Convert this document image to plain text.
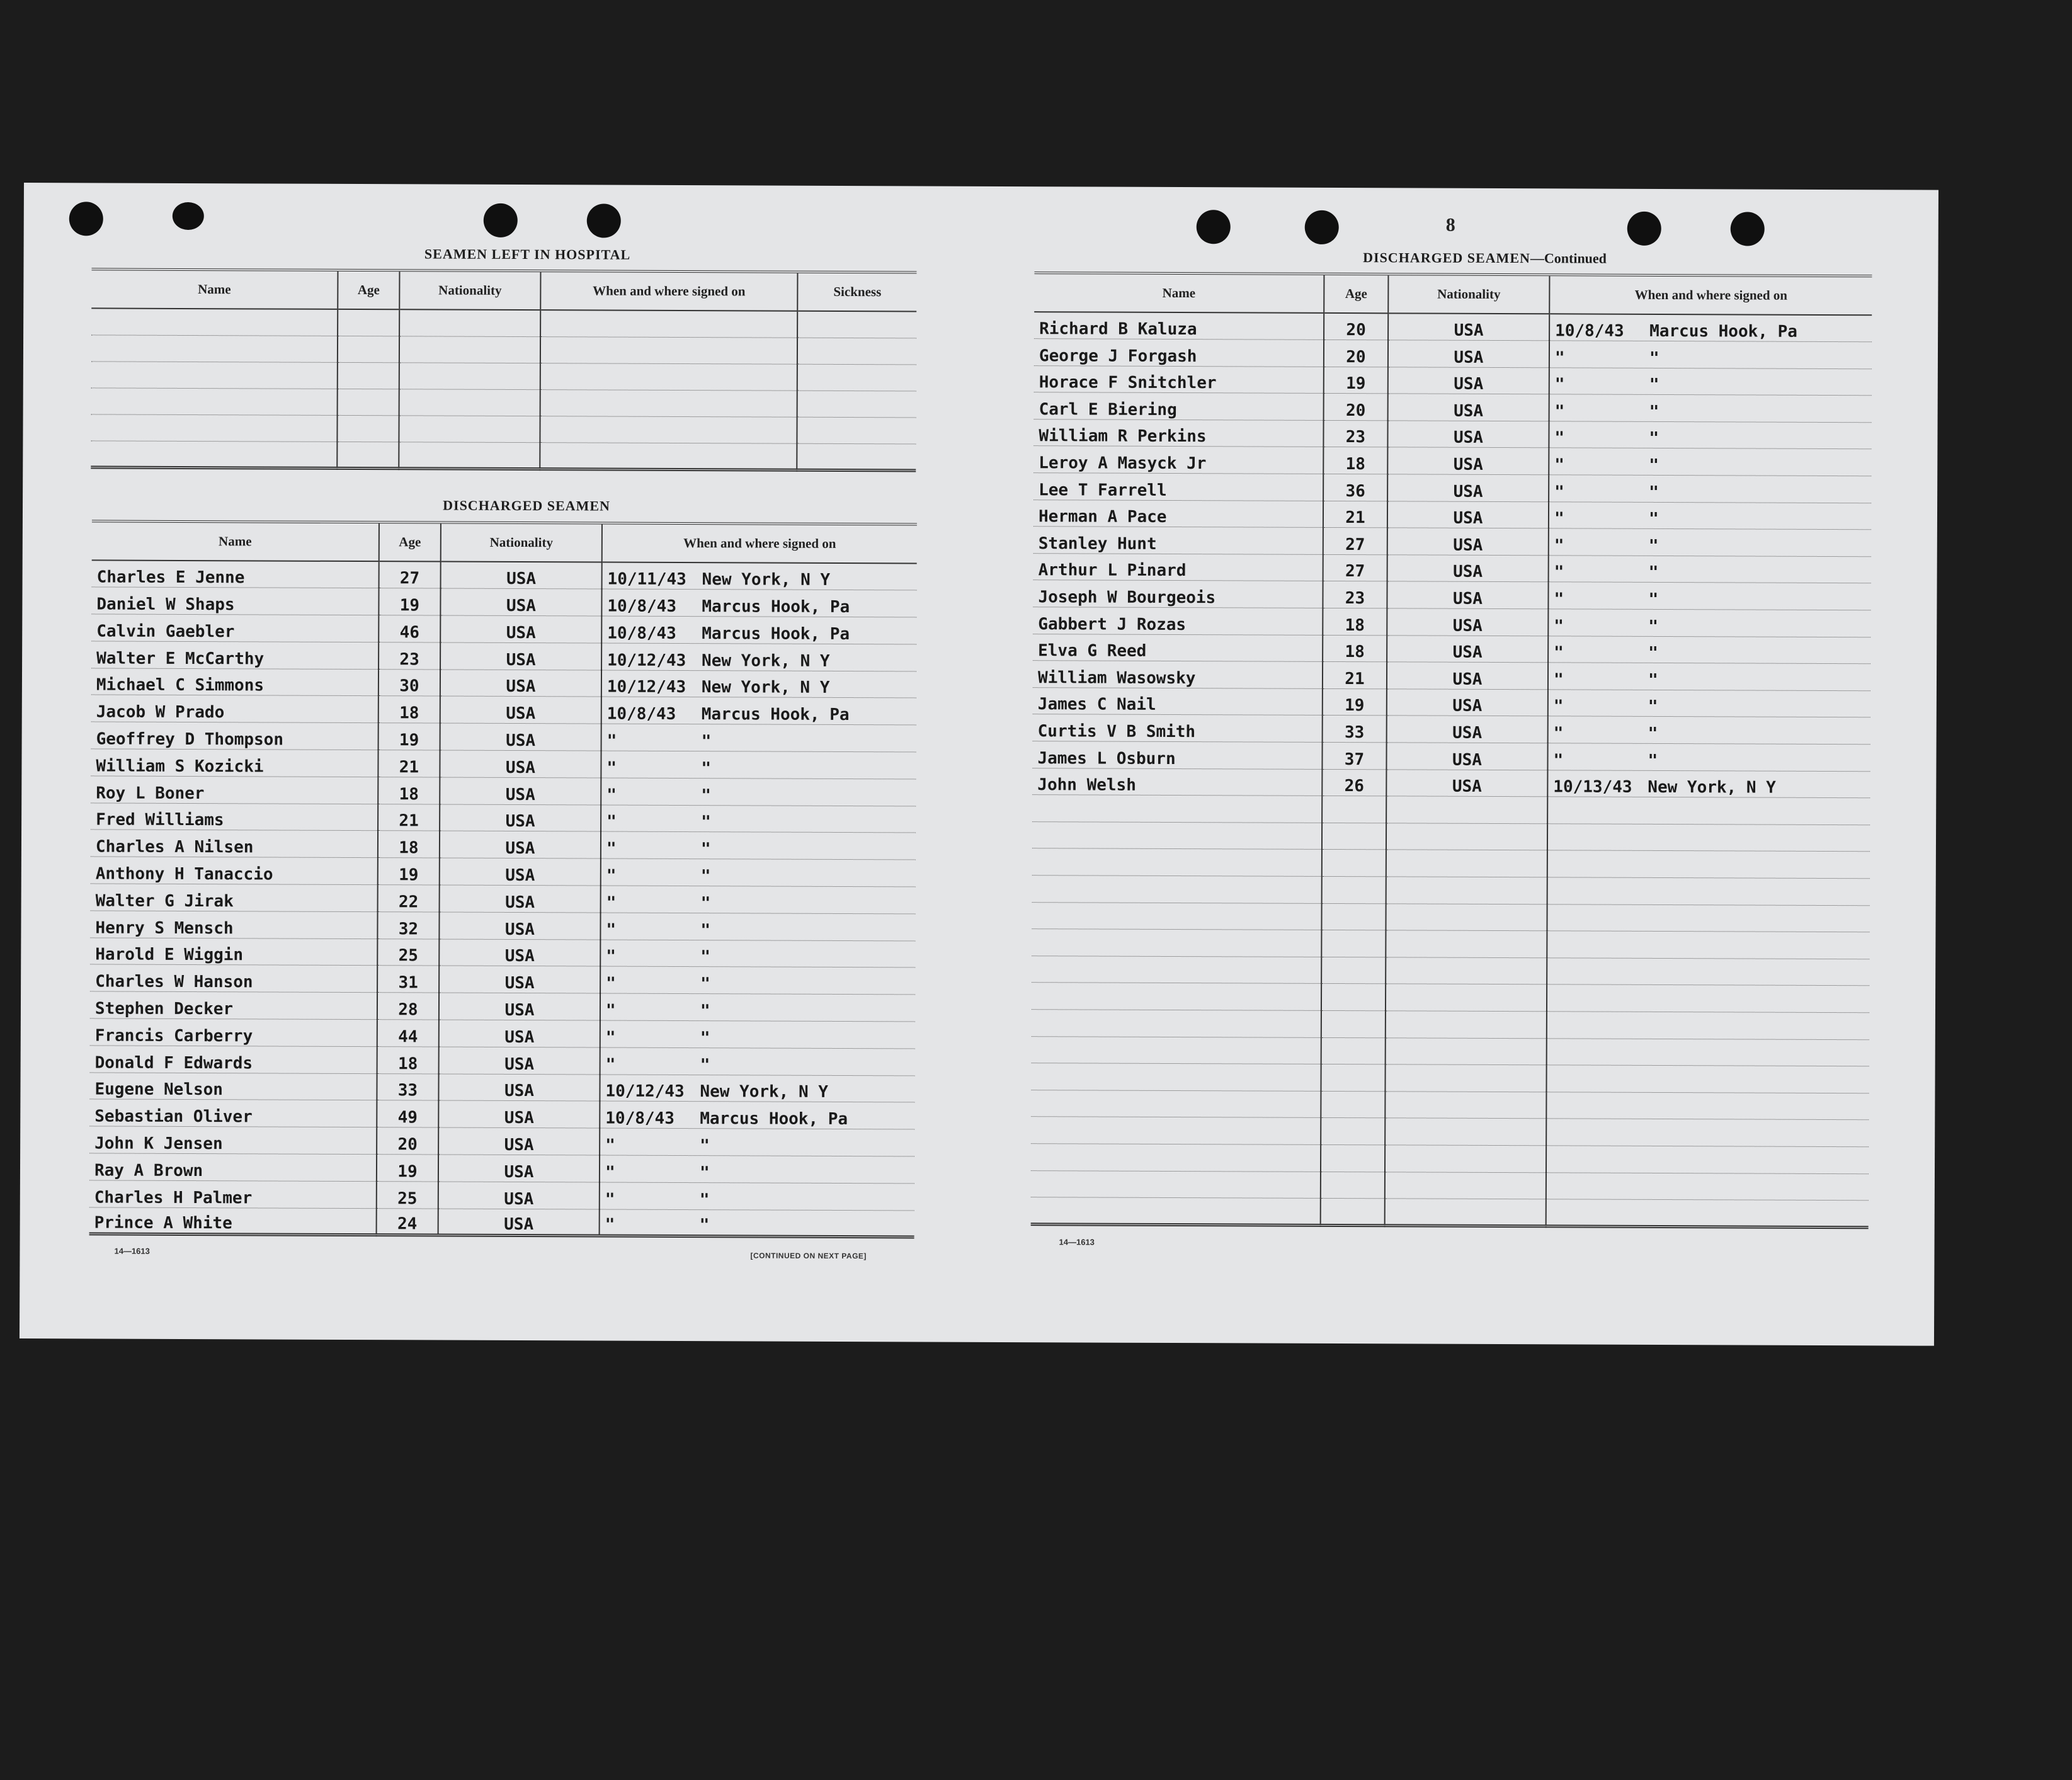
8
SEAMEN LEFT IN HOSPITAL
Name	Age	Nationality	When and where signed on	Sickness

DISCHARGED SEAMEN
Name	Age	Nationality	When and where signed on
Charles E Jenne	27	USA	10/11/43 New York, N Y
Daniel W Shaps	19	USA	10/8/43 Marcus Hook, Pa
Calvin Gaebler	46	USA	10/8/43 Marcus Hook, Pa
Walter E McCarthy	23	USA	10/12/43 New York, N Y
Michael C Simmons	30	USA	10/12/43 New York, N Y
Jacob W Prado	18	USA	10/8/43 Marcus Hook, Pa
Geoffrey D Thompson	19	USA	" "
William S Kozicki	21	USA	" "
Roy L Boner	18	USA	" "
Fred Williams	21	USA	" "
Charles A Nilsen	18	USA	" "
Anthony H Tanaccio	19	USA	" "
Walter G Jirak	22	USA	" "
Henry S Mensch	32	USA	" "
Harold E Wiggin	25	USA	" "
Charles W Hanson	31	USA	" "
Stephen Decker	28	USA	" "
Francis Carberry	44	USA	" "
Donald F Edwards	18	USA	" "
Eugene Nelson	33	USA	10/12/43 New York, N Y
Sebastian Oliver	49	USA	10/8/43 Marcus Hook, Pa
John K Jensen	20	USA	" "
Ray A Brown	19	USA	" "
Charles H Palmer	25	USA	" "
Prince A White	24	USA	" "
14—1613
[CONTINUED ON NEXT PAGE]
DISCHARGED SEAMEN—Continued
Name	Age	Nationality	When and where signed on
Richard B Kaluza	20	USA	10/8/43 Marcus Hook, Pa
George J Forgash	20	USA	" "
Horace F Snitchler	19	USA	" "
Carl E Biering	20	USA	" "
William R Perkins	23	USA	" "
Leroy A Masyck Jr	18	USA	" "
Lee T Farrell	36	USA	" "
Herman A Pace	21	USA	" "
Stanley Hunt	27	USA	" "
Arthur L Pinard	27	USA	" "
Joseph W Bourgeois	23	USA	" "
Gabbert J Rozas	18	USA	" "
Elva G Reed	18	USA	" "
William Wasowsky	21	USA	" "
James C Nail	19	USA	" "
Curtis V B Smith	33	USA	" "
James L Osburn	37	USA	" "
John Welsh	26	USA	10/13/43 New York, N Y

14—1613
